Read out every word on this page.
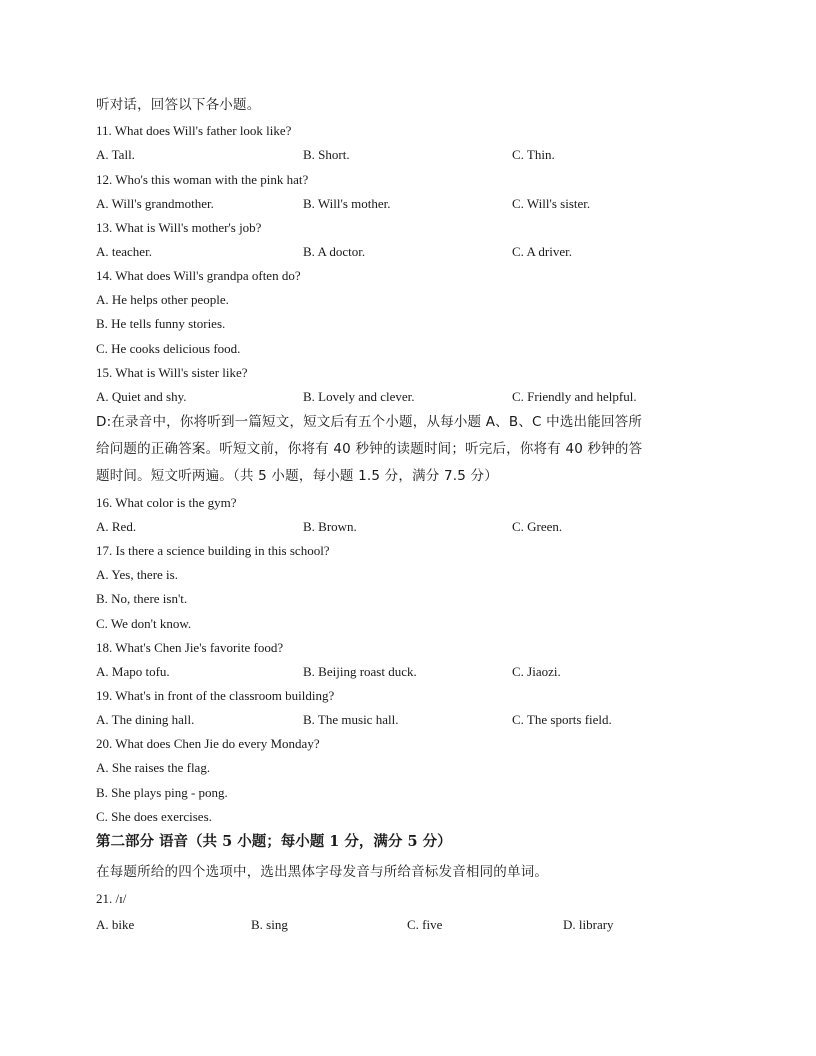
听对话，回答以下各小题。
11. What does Will's father look like?
A. Tall.	B. Short.	C. Thin.
12. Who's this woman with the pink hat?
A. Will's grandmother.	B. Will's mother.	C. Will's sister.
13. What is Will's mother's job?
A. teacher.	B. A doctor.	C. A driver.
14. What does Will's grandpa often do?
A. He helps other people.
B. He tells funny stories.
C. He cooks delicious food.
15. What is Will's sister like?
A. Quiet and shy.	B. Lovely and clever.	C. Friendly and helpful.
D:在录音中，你将听到一篇短文，短文后有五个小题，从每小题 A、B、C 中选出能回答所
给问题的正确答案。听短文前，你将有 40 秒钟的读题时间；听完后，你将有 40 秒钟的答
题时间。短文听两遍。（共 5 小题，每小题 1.5 分，满分 7.5 分）
16. What color is the gym?
A. Red.	B. Brown.	C. Green.
17. Is there a science building in this school?
A. Yes, there is.
B. No, there isn't.
C. We don't know.
18. What's Chen Jie's favorite food?
A. Mapo tofu.	B. Beijing roast duck.	C. Jiaozi.
19. What's in front of the classroom building?
A. The dining hall.	B. The music hall.	C. The sports field.
20. What does Chen Jie do every Monday?
A. She raises the flag.
B. She plays ping - pong.
C. She does exercises.
第二部分 语音（共 5 小题；每小题 1 分，满分 5 分）
在每题所给的四个选项中，选出黑体字母发音与所给音标发音相同的单词。
21. /ɪ/
A. bike	B. sing	C. five	D. library
